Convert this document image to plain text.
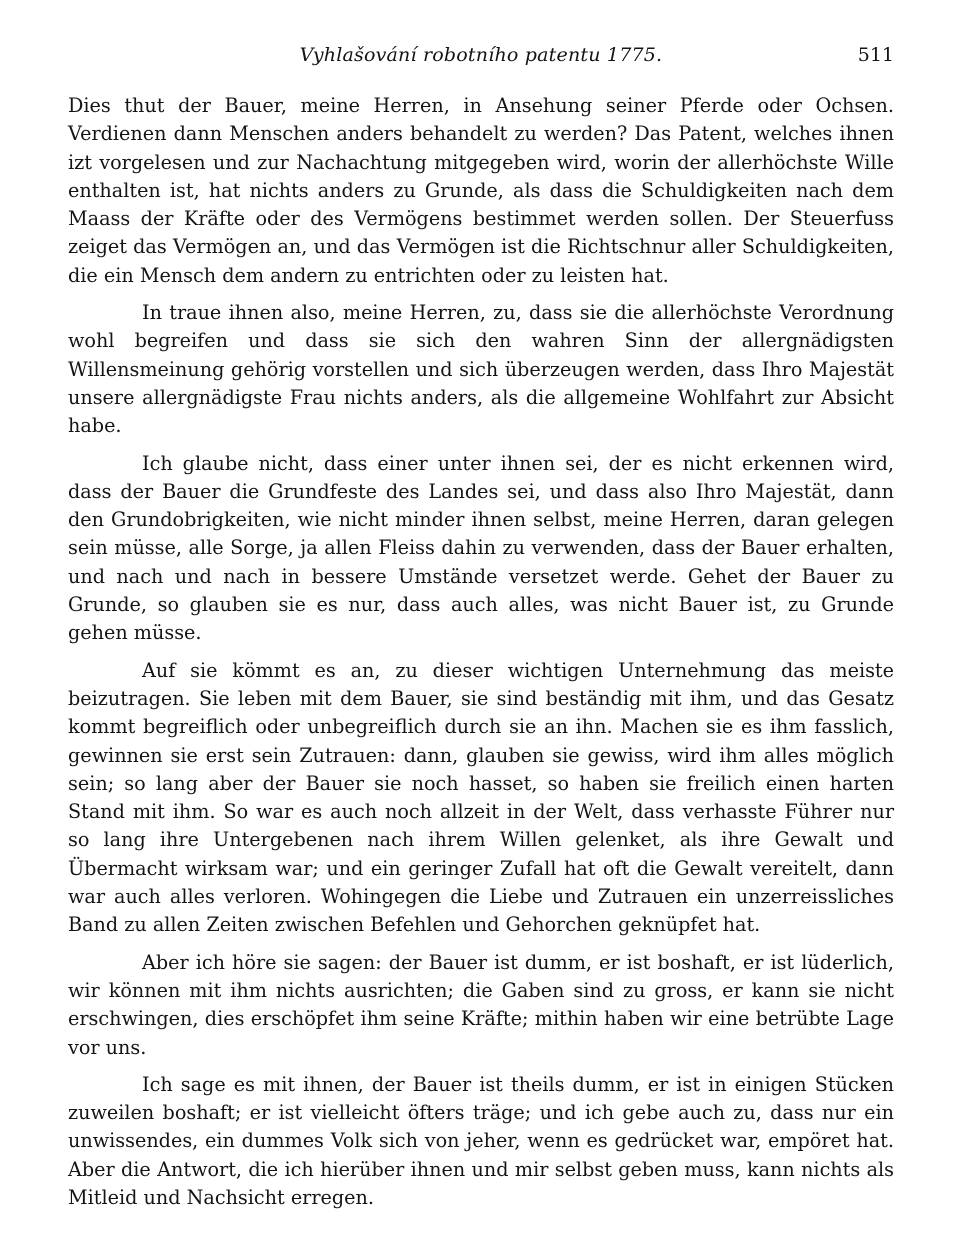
Vyhlašování robotního patentu 1775.	511

Dies thut der Bauer, meine Herren, in Ansehung seiner Pferde oder Ochsen. Verdienen dann Menschen anders behandelt zu werden? Das Patent, welches ihnen izt vorgelesen und zur Nachachtung mitgegeben wird, worin der allerhöchste Wille enthalten ist, hat nichts anders zu Grunde, als dass die Schuldigkeiten nach dem Maass der Kräfte oder des Vermögens bestimmet werden sollen. Der Steuerfuss zeiget das Vermögen an, und das Vermögen ist die Richtschnur aller Schuldigkeiten, die ein Mensch dem andern zu entrichten oder zu leisten hat.

In traue ihnen also, meine Herren, zu, dass sie die allerhöchste Verordnung wohl begreifen und dass sie sich den wahren Sinn der allergnädigsten Willensmeinung gehörig vorstellen und sich überzeugen werden, dass Ihro Majestät unsere allergnädigste Frau nichts anders, als die allgemeine Wohlfahrt zur Absicht habe.

Ich glaube nicht, dass einer unter ihnen sei, der es nicht erkennen wird, dass der Bauer die Grundfeste des Landes sei, und dass also Ihro Majestät, dann den Grundobrigkeiten, wie nicht minder ihnen selbst, meine Herren, daran gelegen sein müsse, alle Sorge, ja allen Fleiss dahin zu verwenden, dass der Bauer erhalten, und nach und nach in bessere Umstände versetzet werde. Gehet der Bauer zu Grunde, so glauben sie es nur, dass auch alles, was nicht Bauer ist, zu Grunde gehen müsse.

Auf sie kömmt es an, zu dieser wichtigen Unternehmung das meiste beizutragen. Sie leben mit dem Bauer, sie sind beständig mit ihm, und das Gesatz kommt begreiflich oder unbegreiflich durch sie an ihn. Machen sie es ihm fasslich, gewinnen sie erst sein Zutrauen: dann, glauben sie gewiss, wird ihm alles möglich sein; so lang aber der Bauer sie noch hasset, so haben sie freilich einen harten Stand mit ihm. So war es auch noch allzeit in der Welt, dass verhasste Führer nur so lang ihre Untergebenen nach ihrem Willen gelenket, als ihre Gewalt und Übermacht wirksam war; und ein geringer Zufall hat oft die Gewalt vereitelt, dann war auch alles verloren. Wohingegen die Liebe und Zutrauen ein unzerreissliches Band zu allen Zeiten zwischen Befehlen und Gehorchen geknüpfet hat.

Aber ich höre sie sagen: der Bauer ist dumm, er ist boshaft, er ist lüderlich, wir können mit ihm nichts ausrichten; die Gaben sind zu gross, er kann sie nicht erschwingen, dies erschöpfet ihm seine Kräfte; mithin haben wir eine betrübte Lage vor uns.

Ich sage es mit ihnen, der Bauer ist theils dumm, er ist in einigen Stücken zuweilen boshaft; er ist vielleicht öfters träge; und ich gebe auch zu, dass nur ein unwissendes, ein dummes Volk sich von jeher, wenn es gedrücket war, empöret hat. Aber die Antwort, die ich hierüber ihnen und mir selbst geben muss, kann nichts als Mitleid und Nachsicht erregen.
